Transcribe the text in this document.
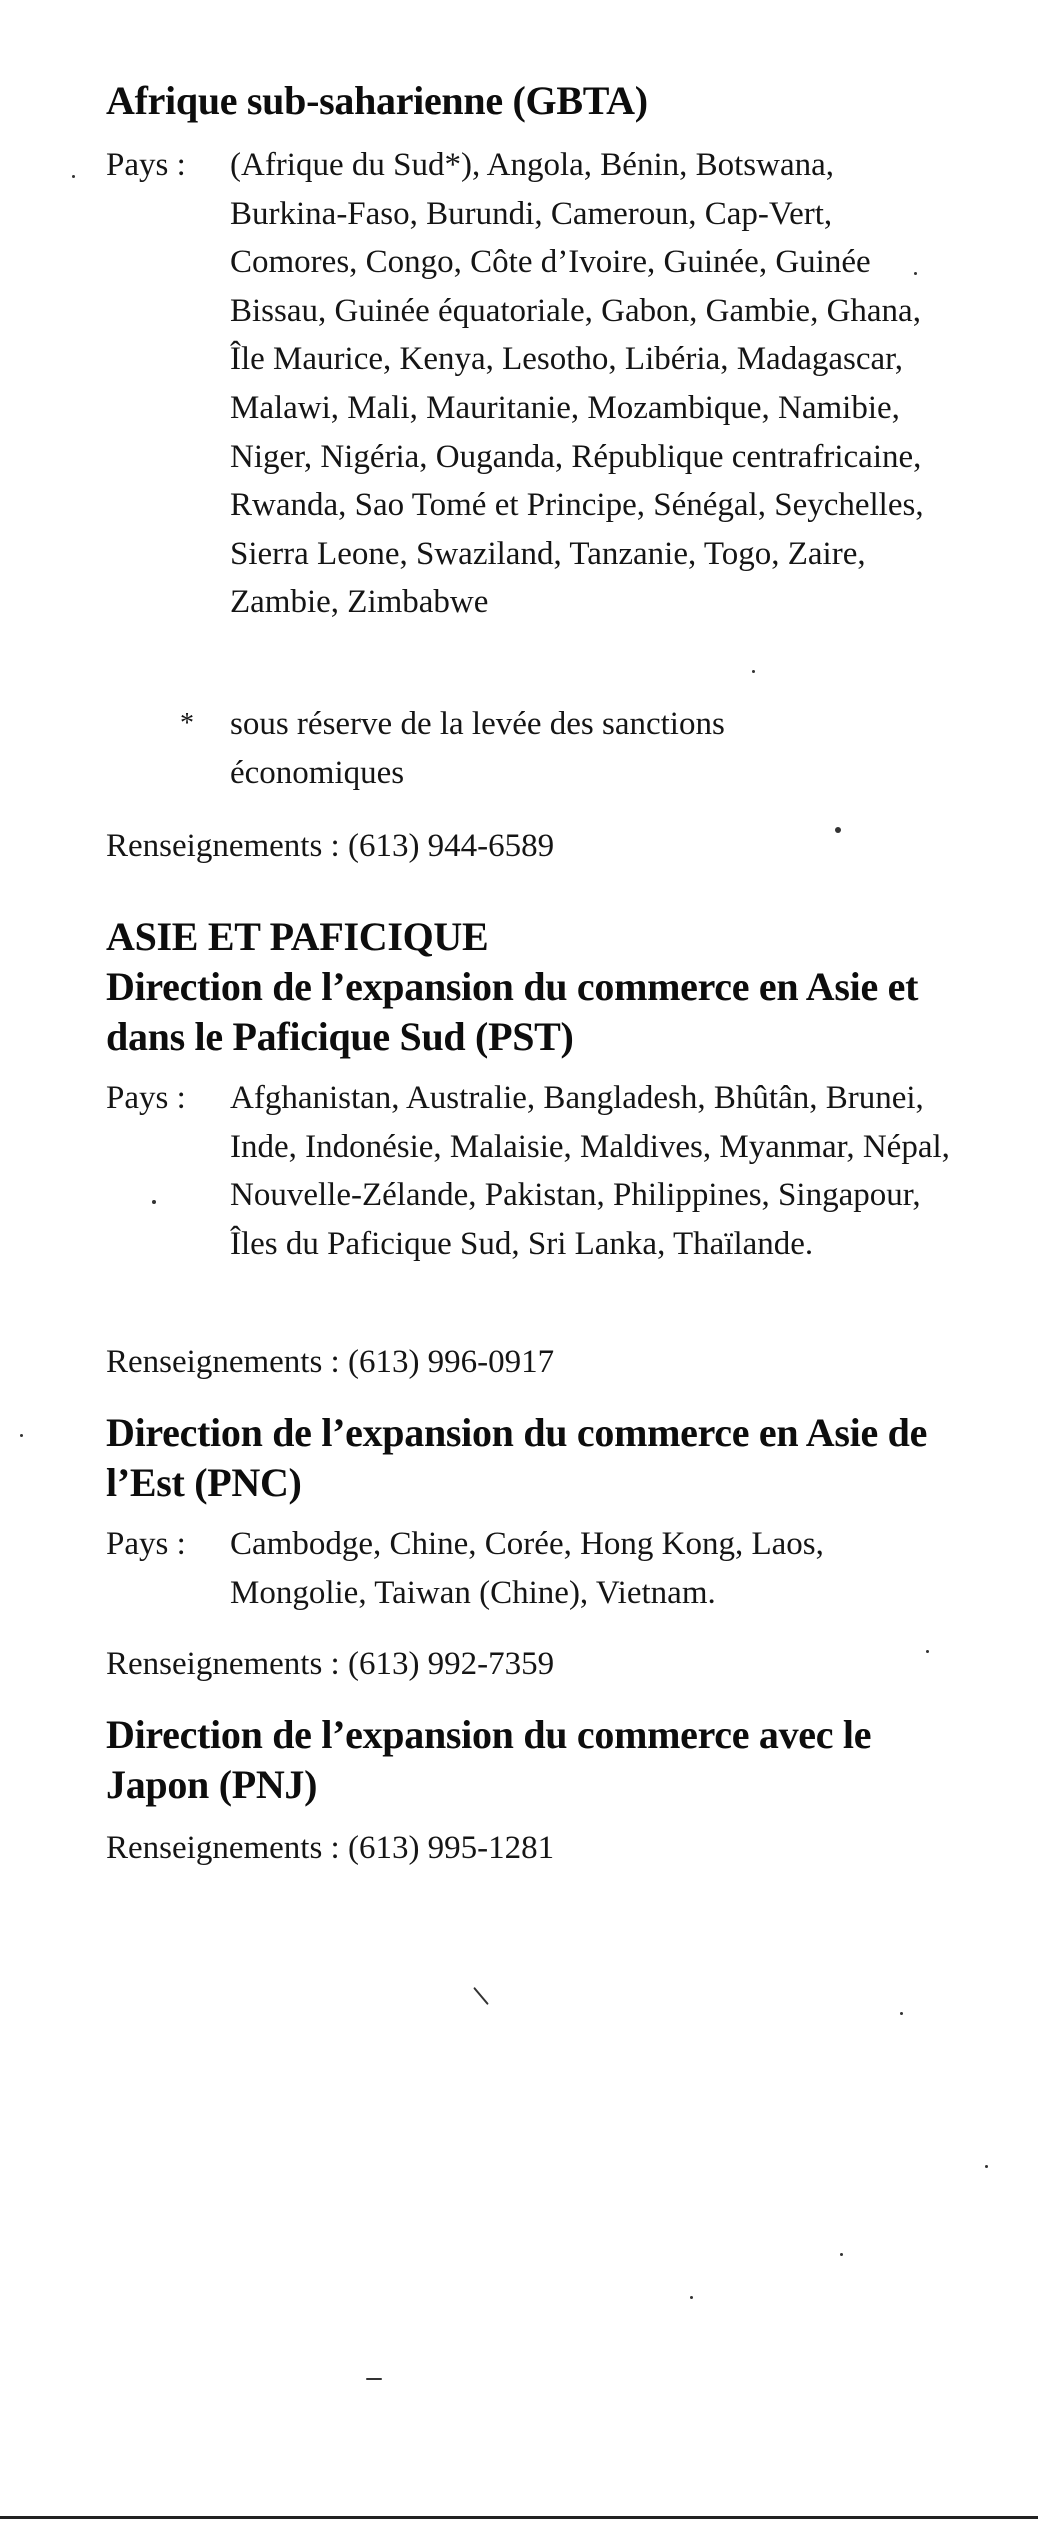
Afrique sub-saharienne (GBTA)
Pays : (Afrique du Sud*), Angola, Bénin, Botswana, Burkina-Faso, Burundi, Cameroun, Cap-Vert, Comores, Congo, Côte d’Ivoire, Guinée, Guinée Bissau, Guinée équatoriale, Gabon, Gambie, Ghana, Île Maurice, Kenya, Lesotho, Libéria, Madagascar, Malawi, Mali, Mauritanie, Mozambique, Namibie, Niger, Nigéria, Ouganda, République centrafricaine, Rwanda, Sao Tomé et Principe, Sénégal, Seychelles, Sierra Leone, Swaziland, Tanzanie, Togo, Zaire, Zambie, Zimbabwe

* sous réserve de la levée des sanctions économiques

Renseignements : (613) 944-6589
ASIE ET PAFICIQUE
Direction de l’expansion du commerce en Asie et dans le Paficique Sud (PST)
Pays : Afghanistan, Australie, Bangladesh, Bhûtân, Brunei, Inde, Indonésie, Malaisie, Maldives, Myanmar, Népal, Nouvelle-Zélande, Pakistan, Philippines, Singapour, Îles du Paficique Sud, Sri Lanka, Thaïlande.

Renseignements : (613) 996-0917
Direction de l’expansion du commerce en Asie de l’Est (PNC)
Pays : Cambodge, Chine, Corée, Hong Kong, Laos, Mongolie, Taiwan (Chine), Vietnam.

Renseignements : (613) 992-7359
Direction de l’expansion du commerce avec le Japon (PNJ)
Renseignements : (613) 995-1281
